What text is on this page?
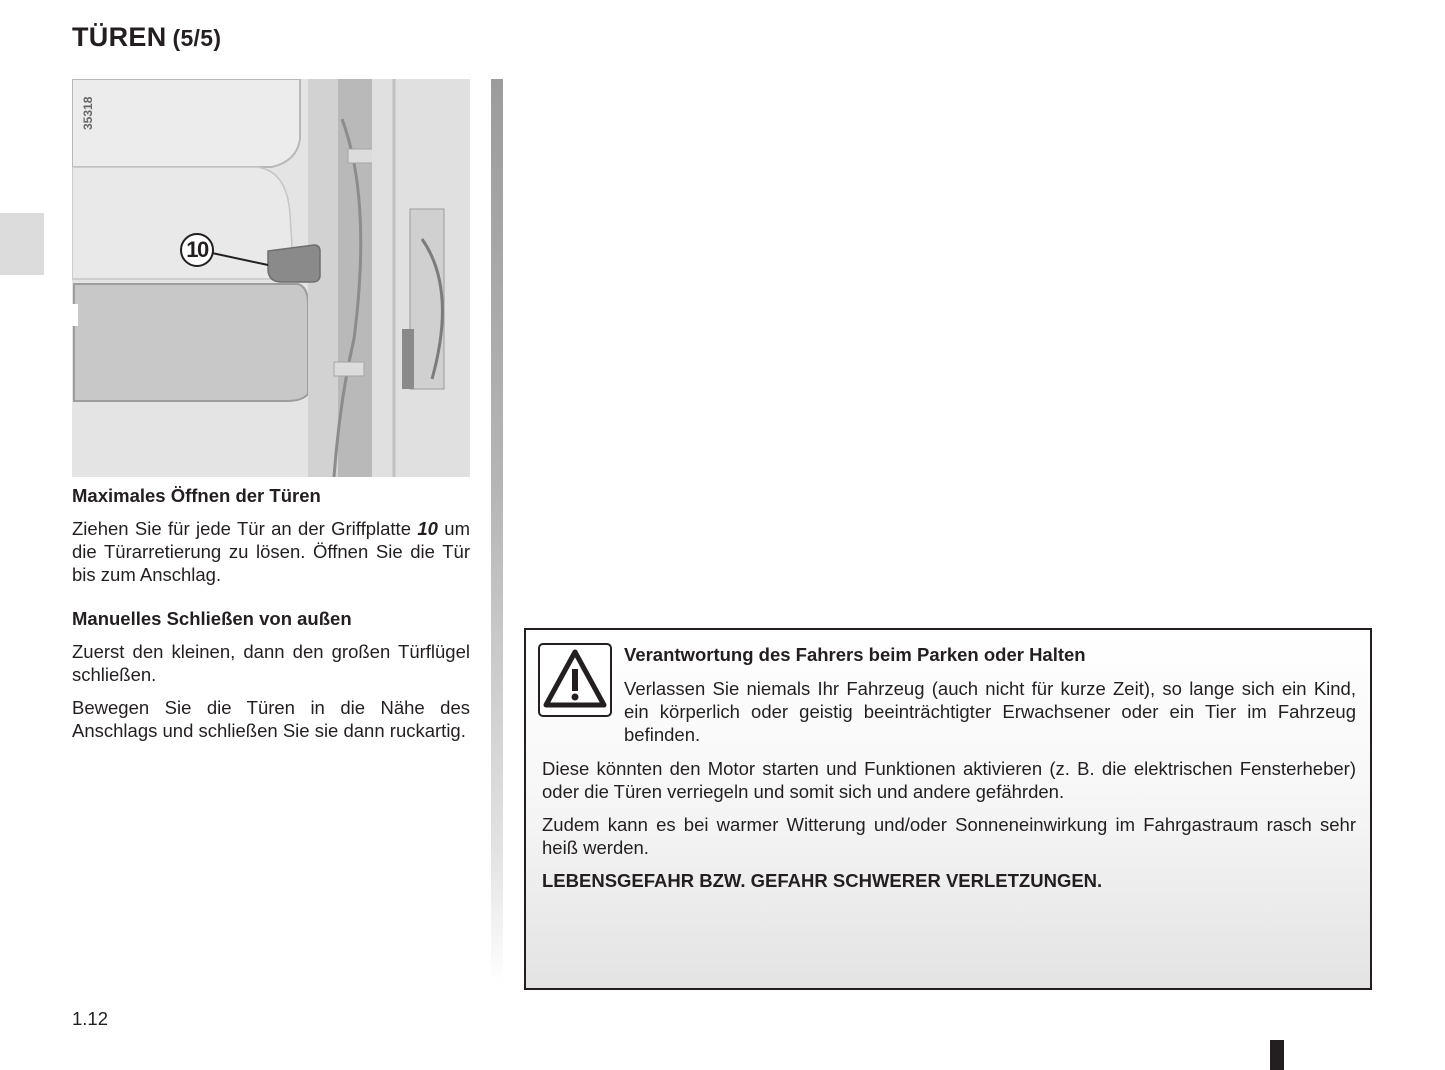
TÜREN (5/5)
35318
10
Maximales Öffnen der Türen

Ziehen Sie für jede Tür an der Griffplatte 10 um die Türarretierung zu lösen. Öffnen Sie die Tür bis zum Anschlag.

Manuelles Schließen von außen

Zuerst den kleinen, dann den großen Türflügel schließen.

Bewegen Sie die Türen in die Nähe des Anschlags und schließen Sie sie dann ruckartig.

Verantwortung des Fahrers beim Parken oder Halten

Verlassen Sie niemals Ihr Fahrzeug (auch nicht für kurze Zeit), so lange sich ein Kind, ein körperlich oder geistig beeinträchtigter Erwachsener oder ein Tier im Fahrzeug befinden.

Diese könnten den Motor starten und Funktionen aktivieren (z. B. die elektrischen Fensterheber) oder die Türen verriegeln und somit sich und andere gefährden.

Zudem kann es bei warmer Witterung und/oder Sonneneinwirkung im Fahrgastraum rasch sehr heiß werden.

LEBENSGEFAHR BZW. GEFAHR SCHWERER VERLETZUNGEN.

1.12
